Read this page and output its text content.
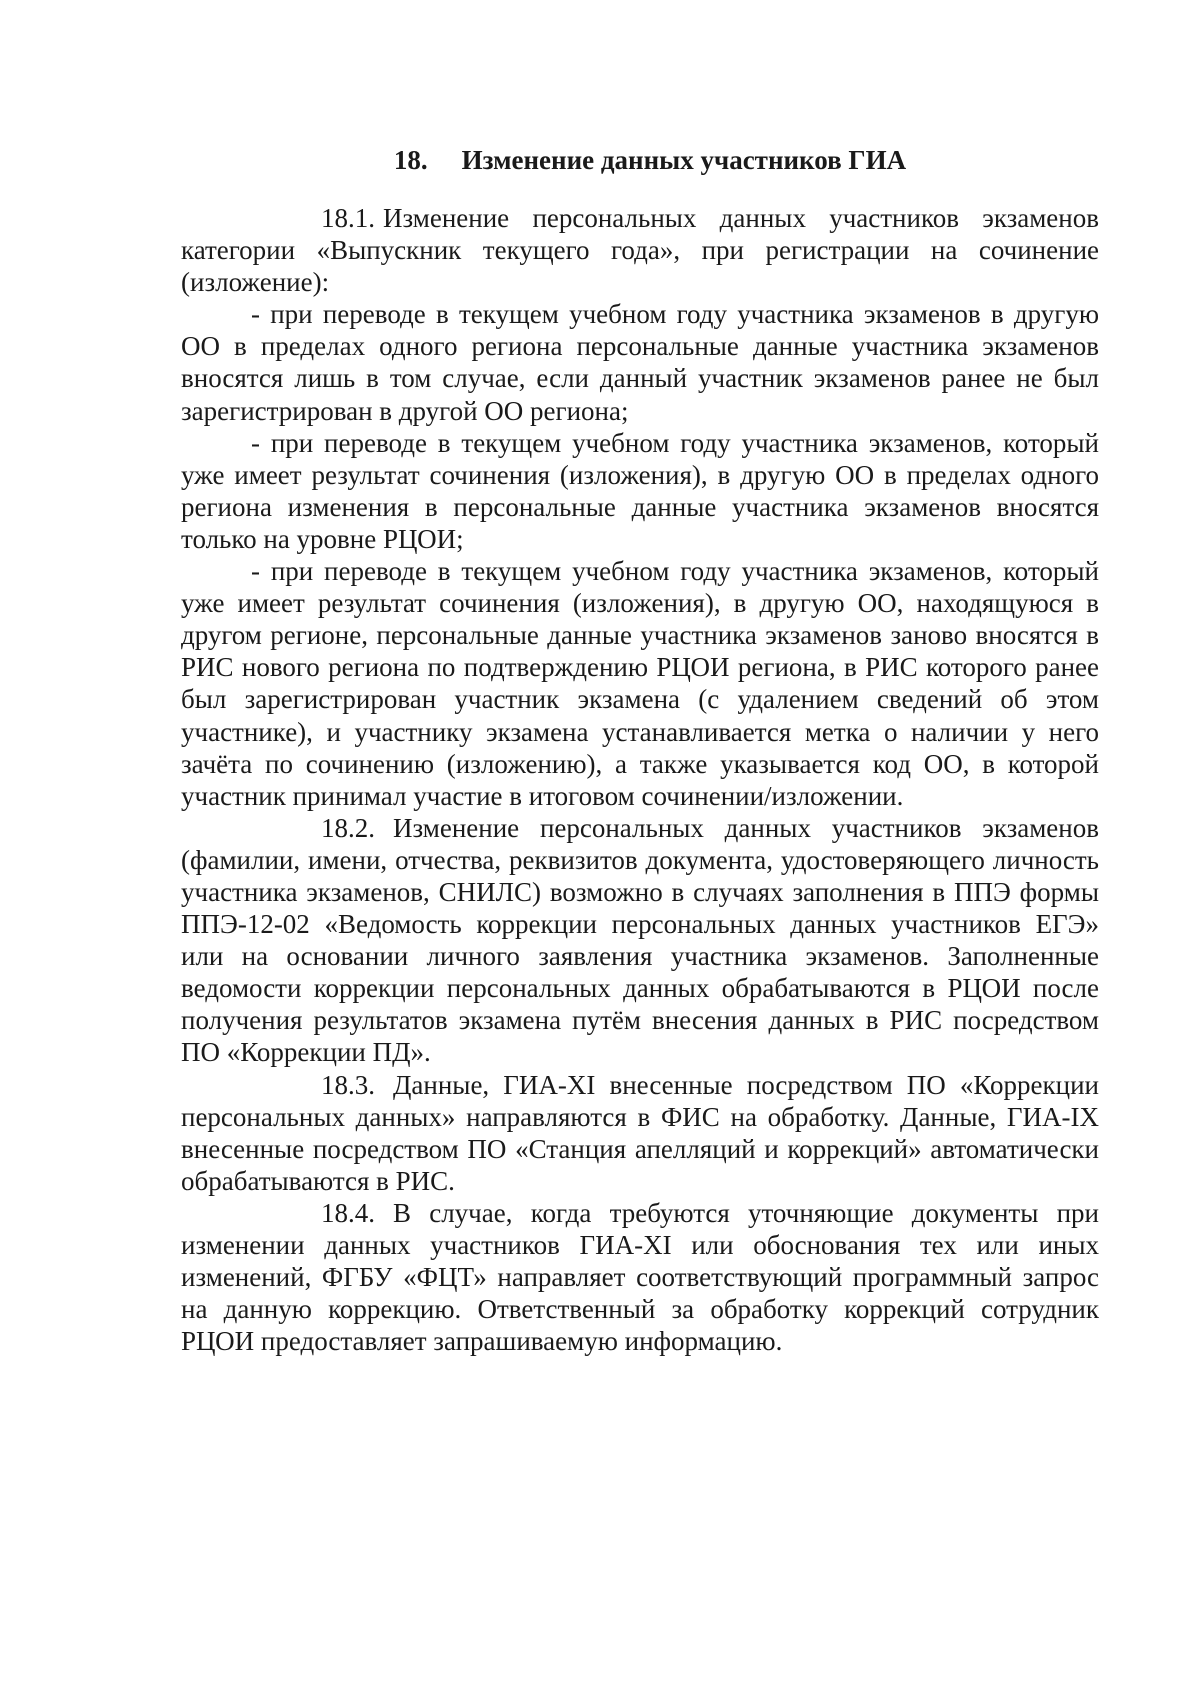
18. Изменение данных участников ГИА

18.1. Изменение персональных данных участников экзаменов категории «Выпускник текущего года», при регистрации на сочинение (изложение):

- при переводе в текущем учебном году участника экзаменов в другую ОО в пределах одного региона персональные данные участника экзаменов вносятся лишь в том случае, если данный участник экзаменов ранее не был зарегистрирован в другой ОО региона;

- при переводе в текущем учебном году участника экзаменов, который уже имеет результат сочинения (изложения), в другую ОО в пределах одного региона изменения в персональные данные участника экзаменов вносятся только на уровне РЦОИ;

- при переводе в текущем учебном году участника экзаменов, который уже имеет результат сочинения (изложения), в другую ОО, находящуюся в другом регионе, персональные данные участника экзаменов заново вносятся в РИС нового региона по подтверждению РЦОИ региона, в РИС которого ранее был зарегистрирован участник экзамена (с удалением сведений об этом участнике), и участнику экзамена устанавливается метка о наличии у него зачёта по сочинению (изложению), а также указывается код ОО, в которой участник принимал участие в итоговом сочинении/изложении.

18.2. Изменение персональных данных участников экзаменов (фамилии, имени, отчества, реквизитов документа, удостоверяющего личность участника экзаменов, СНИЛС) возможно в случаях заполнения в ППЭ формы ППЭ-12-02 «Ведомость коррекции персональных данных участников ЕГЭ» или на основании личного заявления участника экзаменов. Заполненные ведомости коррекции персональных данных обрабатываются в РЦОИ после получения результатов экзамена путём внесения данных в РИС посредством ПО «Коррекции ПД».

18.3. Данные, ГИА-XI внесенные посредством ПО «Коррекции персональных данных» направляются в ФИС на обработку. Данные, ГИА-IX внесенные посредством ПО «Станция апелляций и коррекций» автоматически обрабатываются в РИС.

18.4. В случае, когда требуются уточняющие документы при изменении данных участников ГИА-XI или обоснования тех или иных изменений, ФГБУ «ФЦТ» направляет соответствующий программный запрос на данную коррекцию. Ответственный за обработку коррекций сотрудник РЦОИ предоставляет запрашиваемую информацию.
